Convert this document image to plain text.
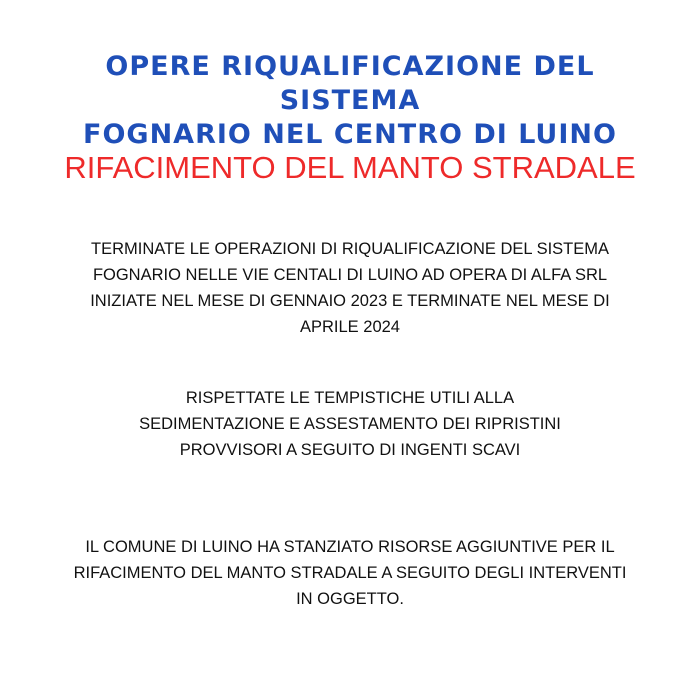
OPERE RIQUALIFICAZIONE DEL SISTEMA
FOGNARIO NEL CENTRO DI LUINO
RIFACIMENTO DEL MANTO STRADALE
TERMINATE LE OPERAZIONI DI RIQUALIFICAZIONE DEL SISTEMA
FOGNARIO NELLE VIE CENTALI DI LUINO AD OPERA DI ALFA SRL
INIZIATE NEL MESE DI GENNAIO 2023 E TERMINATE NEL MESE DI
APRILE 2024
RISPETTATE LE TEMPISTICHE UTILI ALLA
SEDIMENTAZIONE E ASSESTAMENTO DEI RIPRISTINI
PROVVISORI A SEGUITO DI INGENTI SCAVI
IL COMUNE DI LUINO HA STANZIATO RISORSE AGGIUNTIVE PER IL
RIFACIMENTO DEL MANTO STRADALE A SEGUITO DEGLI INTERVENTI
IN OGGETTO.
